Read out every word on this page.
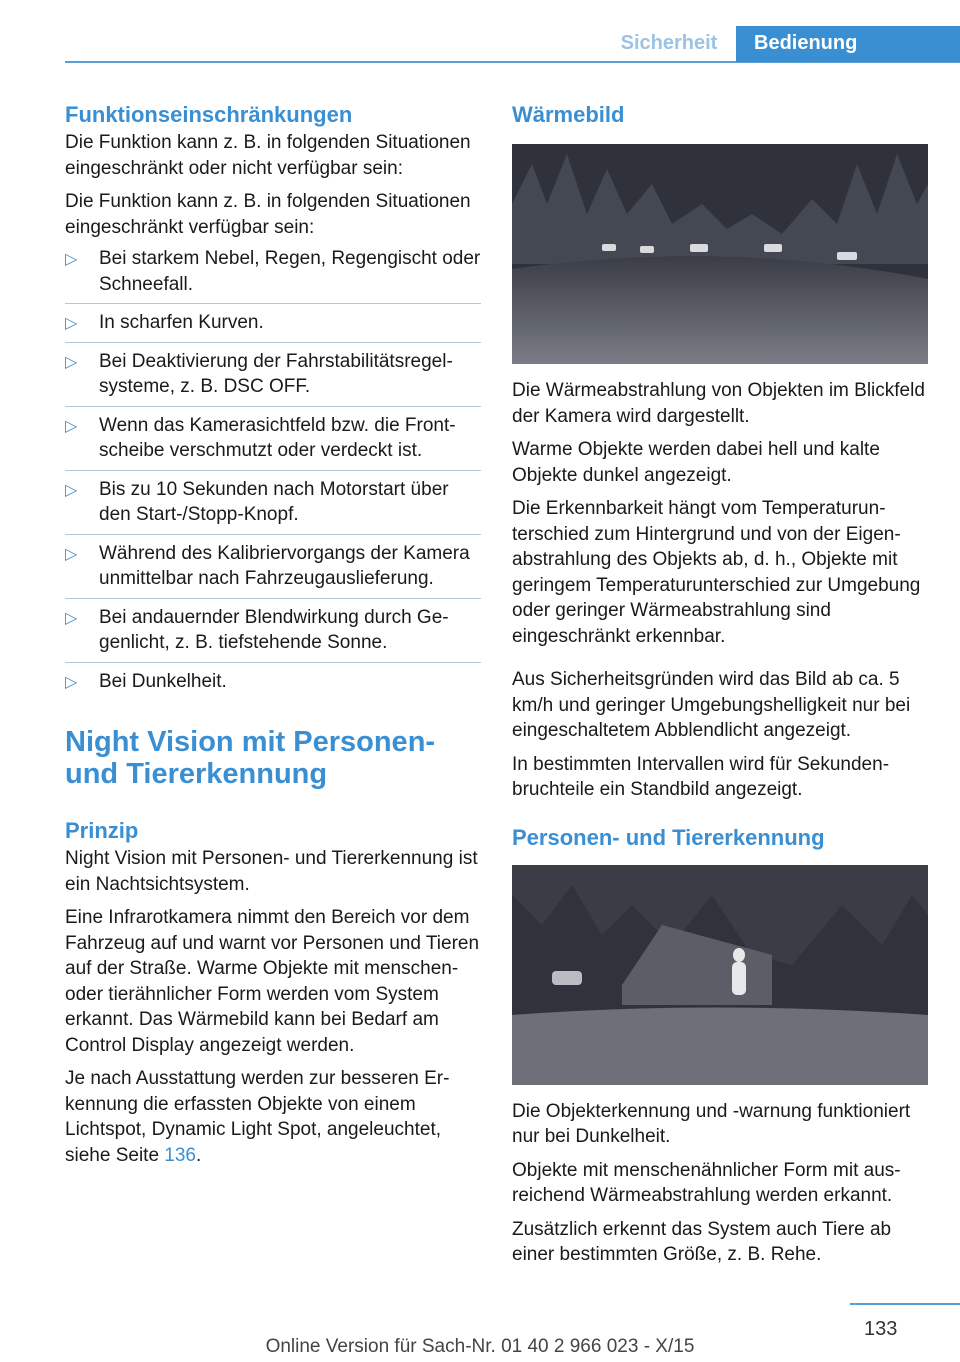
Sicherheit	Bedienung
Funktionseinschränkungen

Die Funktion kann z. B. in folgenden Situationen eingeschränkt oder nicht verfügbar sein:

Die Funktion kann z. B. in folgenden Situationen eingeschränkt verfügbar sein:

▷ Bei starkem Nebel, Regen, Regengischt oder Schneefall.
▷ In scharfen Kurven.
▷ Bei Deaktivierung der Fahrstabilitätsregelsysteme, z. B. DSC OFF.
▷ Wenn das Kamerasichtfeld bzw. die Frontscheibe verschmutzt oder verdeckt ist.
▷ Bis zu 10 Sekunden nach Motorstart über den Start-/Stopp-Knopf.
▷ Während des Kalibriervorgangs der Kamera unmittelbar nach Fahrzeugauslieferung.
▷ Bei andauernder Blendwirkung durch Gegenlicht, z. B. tiefstehende Sonne.
▷ Bei Dunkelheit.
Night Vision mit Personen- und Tiererkennung
Prinzip

Night Vision mit Personen- und Tiererkennung ist ein Nachtsichtsystem.

Eine Infrarotkamera nimmt den Bereich vor dem Fahrzeug auf und warnt vor Personen und Tieren auf der Straße. Warme Objekte mit menschen- oder tierähnlicher Form werden vom System erkannt. Das Wärmebild kann bei Bedarf am Control Display angezeigt werden.

Je nach Ausstattung werden zur besseren Erkennung die erfassten Objekte von einem Lichtspot, Dynamic Light Spot, angeleuchtet, siehe Seite 136.

Wärmebild

Die Wärmeabstrahlung von Objekten im Blickfeld der Kamera wird dargestellt.

Warme Objekte werden dabei hell und kalte Objekte dunkel angezeigt.

Die Erkennbarkeit hängt vom Temperaturunterschied zum Hintergrund und von der Eigenabstrahlung des Objekts ab, d. h., Objekte mit geringem Temperaturunterschied zur Umgebung oder geringer Wärmeabstrahlung sind eingeschränkt erkennbar.

Aus Sicherheitsgründen wird das Bild ab ca. 5 km/h und geringer Umgebungshelligkeit nur bei eingeschaltetem Abblendlicht angezeigt.

In bestimmten Intervallen wird für Sekundenbruchteile ein Standbild angezeigt.

Personen- und Tiererkennung

Die Objekterkennung und -warnung funktioniert nur bei Dunkelheit.

Objekte mit menschenähnlicher Form mit ausreichend Wärmeabstrahlung werden erkannt.

Zusätzlich erkennt das System auch Tiere ab einer bestimmten Größe, z. B. Rehe.

133
Online Version für Sach-Nr. 01 40 2 966 023 - X/15
